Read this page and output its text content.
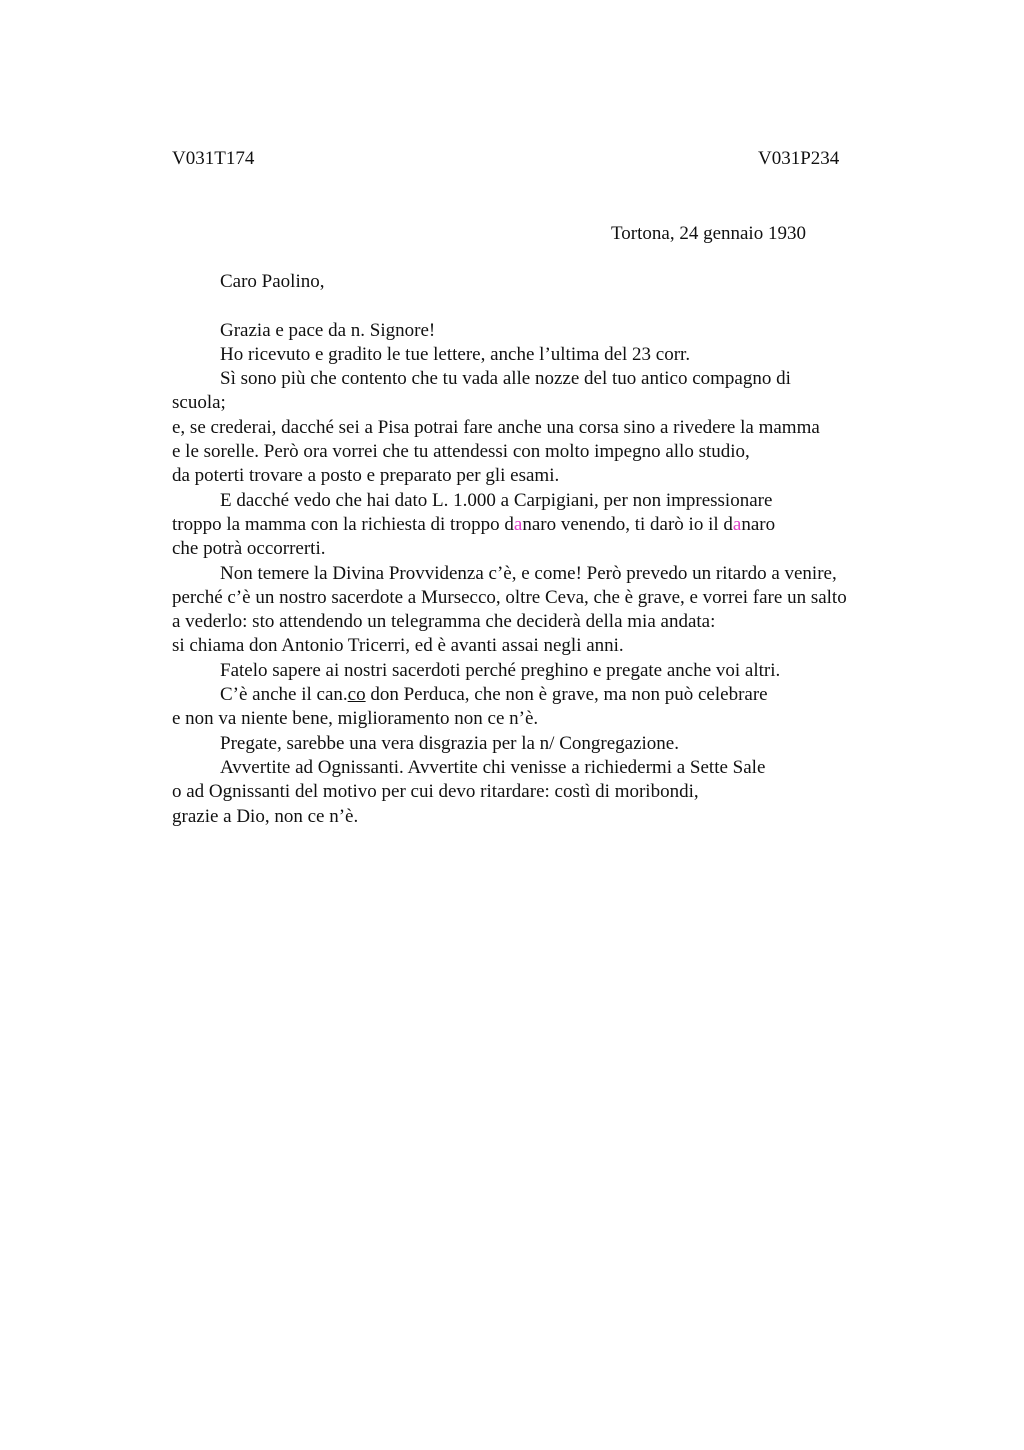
V031T174	V031P234
Tortona, 24 gennaio 1930
Caro Paolino,
Grazia e pace da n. Signore!
Ho ricevuto e gradito le tue lettere, anche l’ultima del 23 corr.
Sì sono più che contento che tu vada alle nozze del tuo antico compagno di
scuola;
e, se crederai, dacché sei a Pisa potrai fare anche una corsa sino a rivedere la mamma
e le sorelle. Però ora vorrei che tu attendessi con molto impegno allo studio,
da poterti trovare a posto e preparato per gli esami.
E dacché vedo che hai dato L. 1.000 a Carpigiani, per non impressionare
troppo la mamma con la richiesta di troppo danaro venendo, ti darò io il danaro
che potrà occorrerti.
Non temere la Divina Provvidenza c’è, e come! Però prevedo un ritardo a venire,
perché c’è un nostro sacerdote a Mursecco, oltre Ceva, che è grave, e vorrei fare un salto
a vederlo: sto attendendo un telegramma che deciderà della mia andata:
si chiama don Antonio Tricerri, ed è avanti assai negli anni.
Fatelo sapere ai nostri sacerdoti perché preghino e pregate anche voi altri.
C’è anche il can.co don Perduca, che non è grave, ma non può celebrare
e non va niente bene, miglioramento non ce n’è.
Pregate, sarebbe una vera disgrazia per la n/ Congregazione.
Avvertite ad Ognissanti. Avvertite chi venisse a richiedermi a Sette Sale
o ad Ognissanti del motivo per cui devo ritardare: costì di moribondi,
grazie a Dio, non ce n’è.
